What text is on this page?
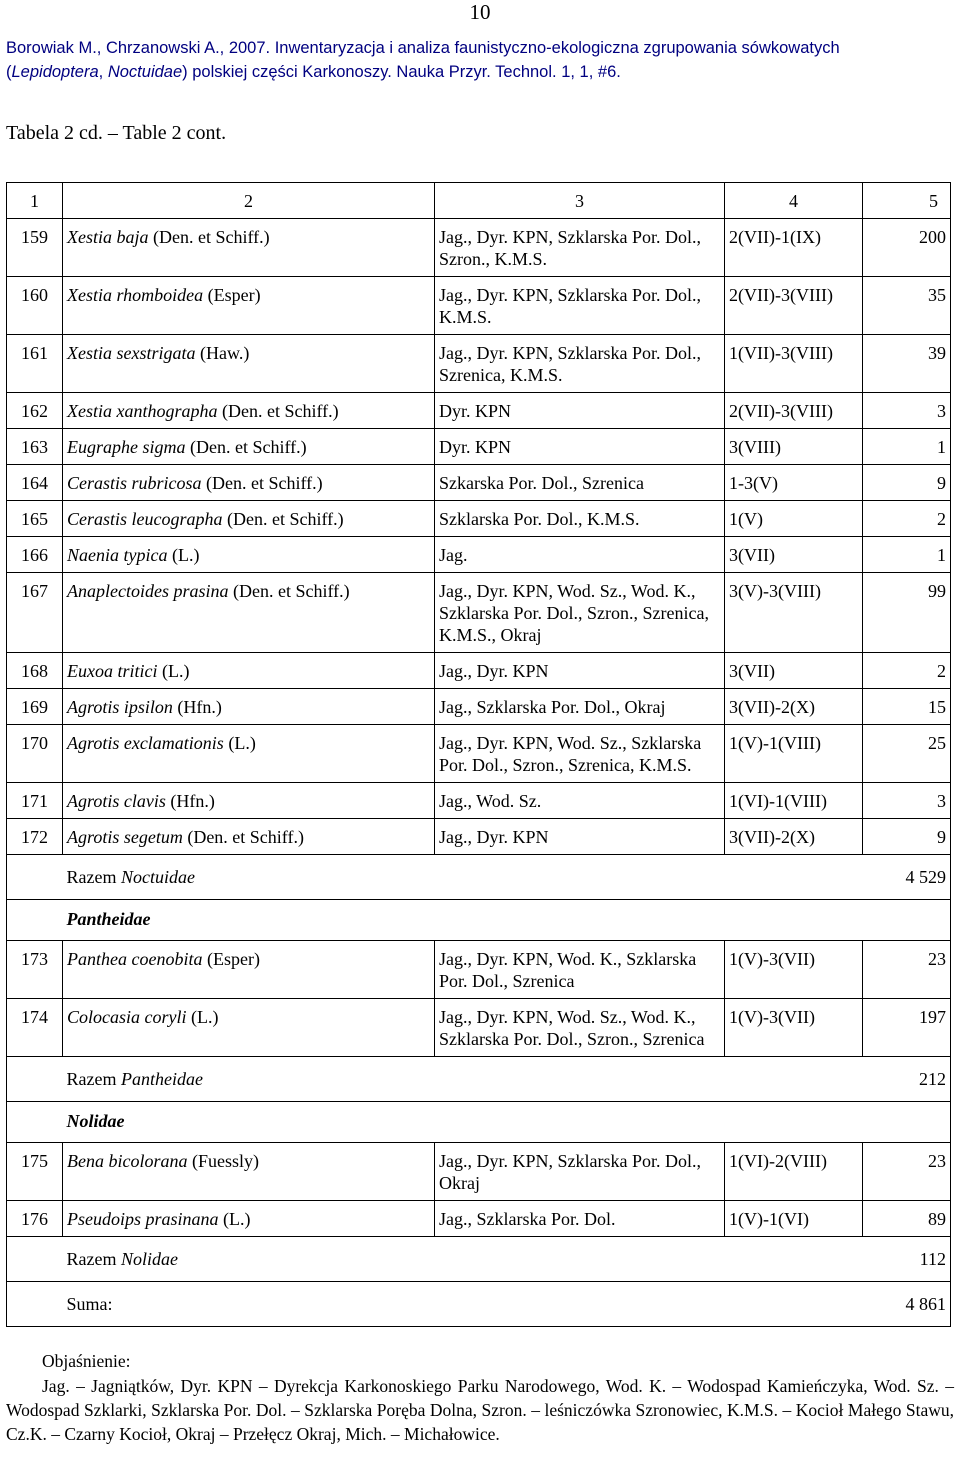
10
Borowiak M., Chrzanowski A., 2007. Inwentaryzacja i analiza faunistyczno-ekologiczna zgrupowania sówkowatych
(Lepidoptera, Noctuidae) polskiej części Karkonoszy. Nauka Przyr. Technol. 1, 1, #6.
Tabela 2 cd. – Table 2 cont.
1	2	3	4	5
159	Xestia baja (Den. et Schiff.)	Jag., Dyr. KPN, Szklarska Por. Dol., Szron., K.M.S.	2(VII)-1(IX)	200
160	Xestia rhomboidea (Esper)	Jag., Dyr. KPN, Szklarska Por. Dol., K.M.S.	2(VII)-3(VIII)	35
161	Xestia sexstrigata (Haw.)	Jag., Dyr. KPN, Szklarska Por. Dol., Szrenica, K.M.S.	1(VII)-3(VIII)	39
162	Xestia xanthographa (Den. et Schiff.)	Dyr. KPN	2(VII)-3(VIII)	3
163	Eugraphe sigma (Den. et Schiff.)	Dyr. KPN	3(VIII)	1
164	Cerastis rubricosa (Den. et Schiff.)	Szkarska Por. Dol., Szrenica	1-3(V)	9
165	Cerastis leucographa (Den. et Schiff.)	Szklarska Por. Dol., K.M.S.	1(V)	2
166	Naenia typica (L.)	Jag.	3(VII)	1
167	Anaplectoides prasina (Den. et Schiff.)	Jag., Dyr. KPN, Wod. Sz., Wod. K., Szklarska Por. Dol., Szron., Szrenica, K.M.S., Okraj	3(V)-3(VIII)	99
168	Euxoa tritici (L.)	Jag., Dyr. KPN	3(VII)	2
169	Agrotis ipsilon (Hfn.)	Jag., Szklarska Por. Dol., Okraj	3(VII)-2(X)	15
170	Agrotis exclamationis (L.)	Jag., Dyr. KPN, Wod. Sz., Szklarska Por. Dol., Szron., Szrenica, K.M.S.	1(V)-1(VIII)	25
171	Agrotis clavis (Hfn.)	Jag., Wod. Sz.	1(VI)-1(VIII)	3
172	Agrotis segetum (Den. et Schiff.)	Jag., Dyr. KPN	3(VII)-2(X)	9
	Razem Noctuidae			4 529
	Pantheidae			
173	Panthea coenobita (Esper)	Jag., Dyr. KPN, Wod. K., Szklarska Por. Dol., Szrenica	1(V)-3(VII)	23
174	Colocasia coryli (L.)	Jag., Dyr. KPN, Wod. Sz., Wod. K., Szklarska Por. Dol., Szron., Szrenica	1(V)-3(VII)	197
	Razem Pantheidae			212
	Nolidae			
175	Bena bicolorana (Fuessly)	Jag., Dyr. KPN, Szklarska Por. Dol., Okraj	1(VI)-2(VIII)	23
176	Pseudoips prasinana (L.)	Jag., Szklarska Por. Dol.	1(V)-1(VI)	89
	Razem Nolidae			112
	Suma:			4 861
Objaśnienie:
Jag. – Jagniątków, Dyr. KPN – Dyrekcja Karkonoskiego Parku Narodowego, Wod. K. – Wodospad Kamieńczyka, Wod. Sz. – Wodospad Szklarki, Szklarska Por. Dol. – Szklarska Poręba Dolna, Szron. – leśniczówka Szronowiec, K.M.S. – Kocioł Małego Stawu, Cz.K. – Czarny Kocioł, Okraj – Przełęcz Okraj, Mich. – Michałowice.
